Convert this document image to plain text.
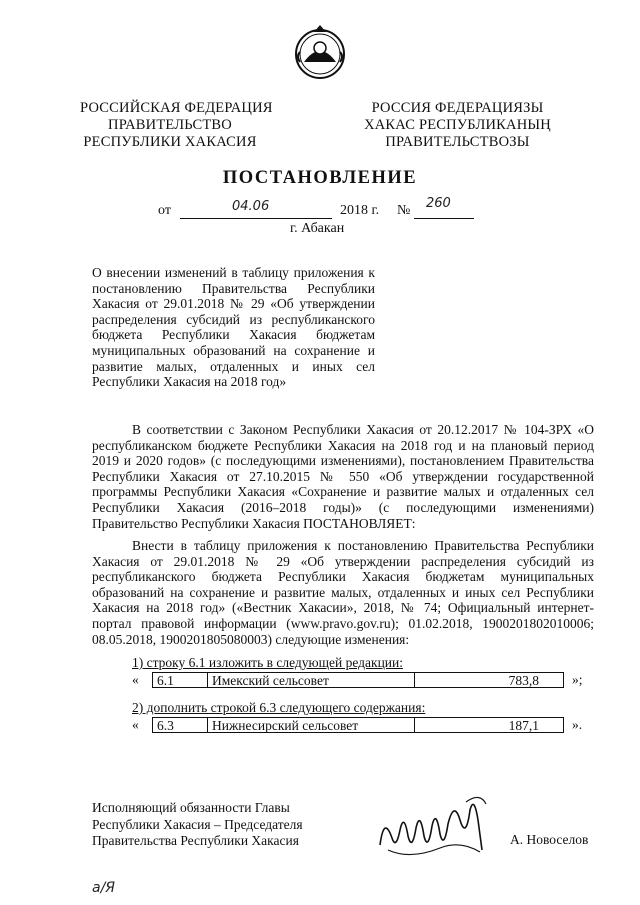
РОССИЙСКАЯ ФЕДЕРАЦИЯ
ПРАВИТЕЛЬСТВО
РЕСПУБЛИКИ ХАКАСИЯ
РОССИЯ ФЕДЕРАЦИЯЗЫ
ХАКАС РЕСПУБЛИКАНЫҢ
ПРАВИТЕЛЬСТВОЗЫ
ПОСТАНОВЛЕНИЕ
от	04.06	2018 г. № 260
г. Абакан
О внесении изменений в таблицу приложения к постановлению Правительства Республики Хакасия от 29.01.2018 № 29 «Об утверждении распределения субсидий из республиканского бюджета Республики Хакасия бюджетам муниципальных образований на сохранение и развитие малых, отдаленных и иных сел Республики Хакасия на 2018 год»
В соответствии с Законом Республики Хакасия от 20.12.2017 № 104-ЗРХ «О республиканском бюджете Республики Хакасия на 2018 год и на плановый период 2019 и 2020 годов» (с последующими изменениями), постановлением Правительства Республики Хакасия от 27.10.2015 № 550 «Об утверждении государственной программы Республики Хакасия «Сохранение и развитие малых и отдаленных сел Республики Хакасия (2016–2018 годы)» (с последующими изменениями) Правительство Республики Хакасия ПОСТАНОВЛЯЕТ:
Внести в таблицу приложения к постановлению Правительства Республики Хакасия от 29.01.2018 № 29 «Об утверждении распределения субсидий из республиканского бюджета Республики Хакасия бюджетам муниципальных образований на сохранение и развитие малых, отдаленных и иных сел Республики Хакасия на 2018 год» («Вестник Хакасии», 2018, № 74; Официальный интернет-портал правовой информации (www.pravo.gov.ru); 01.02.2018, 1900201802010006; 08.05.2018, 1900201805080003) следующие изменения:
1) строку 6.1 изложить в следующей редакции:
«	6.1	Имекский сельсовет	783,8	»;
2) дополнить строкой 6.3 следующего содержания:
«	6.3	Нижнесирский сельсовет	187,1	».
Исполняющий обязанности Главы
Республики Хакасия – Председателя
Правительства Республики Хакасия	А. Новоселов
а/Я
